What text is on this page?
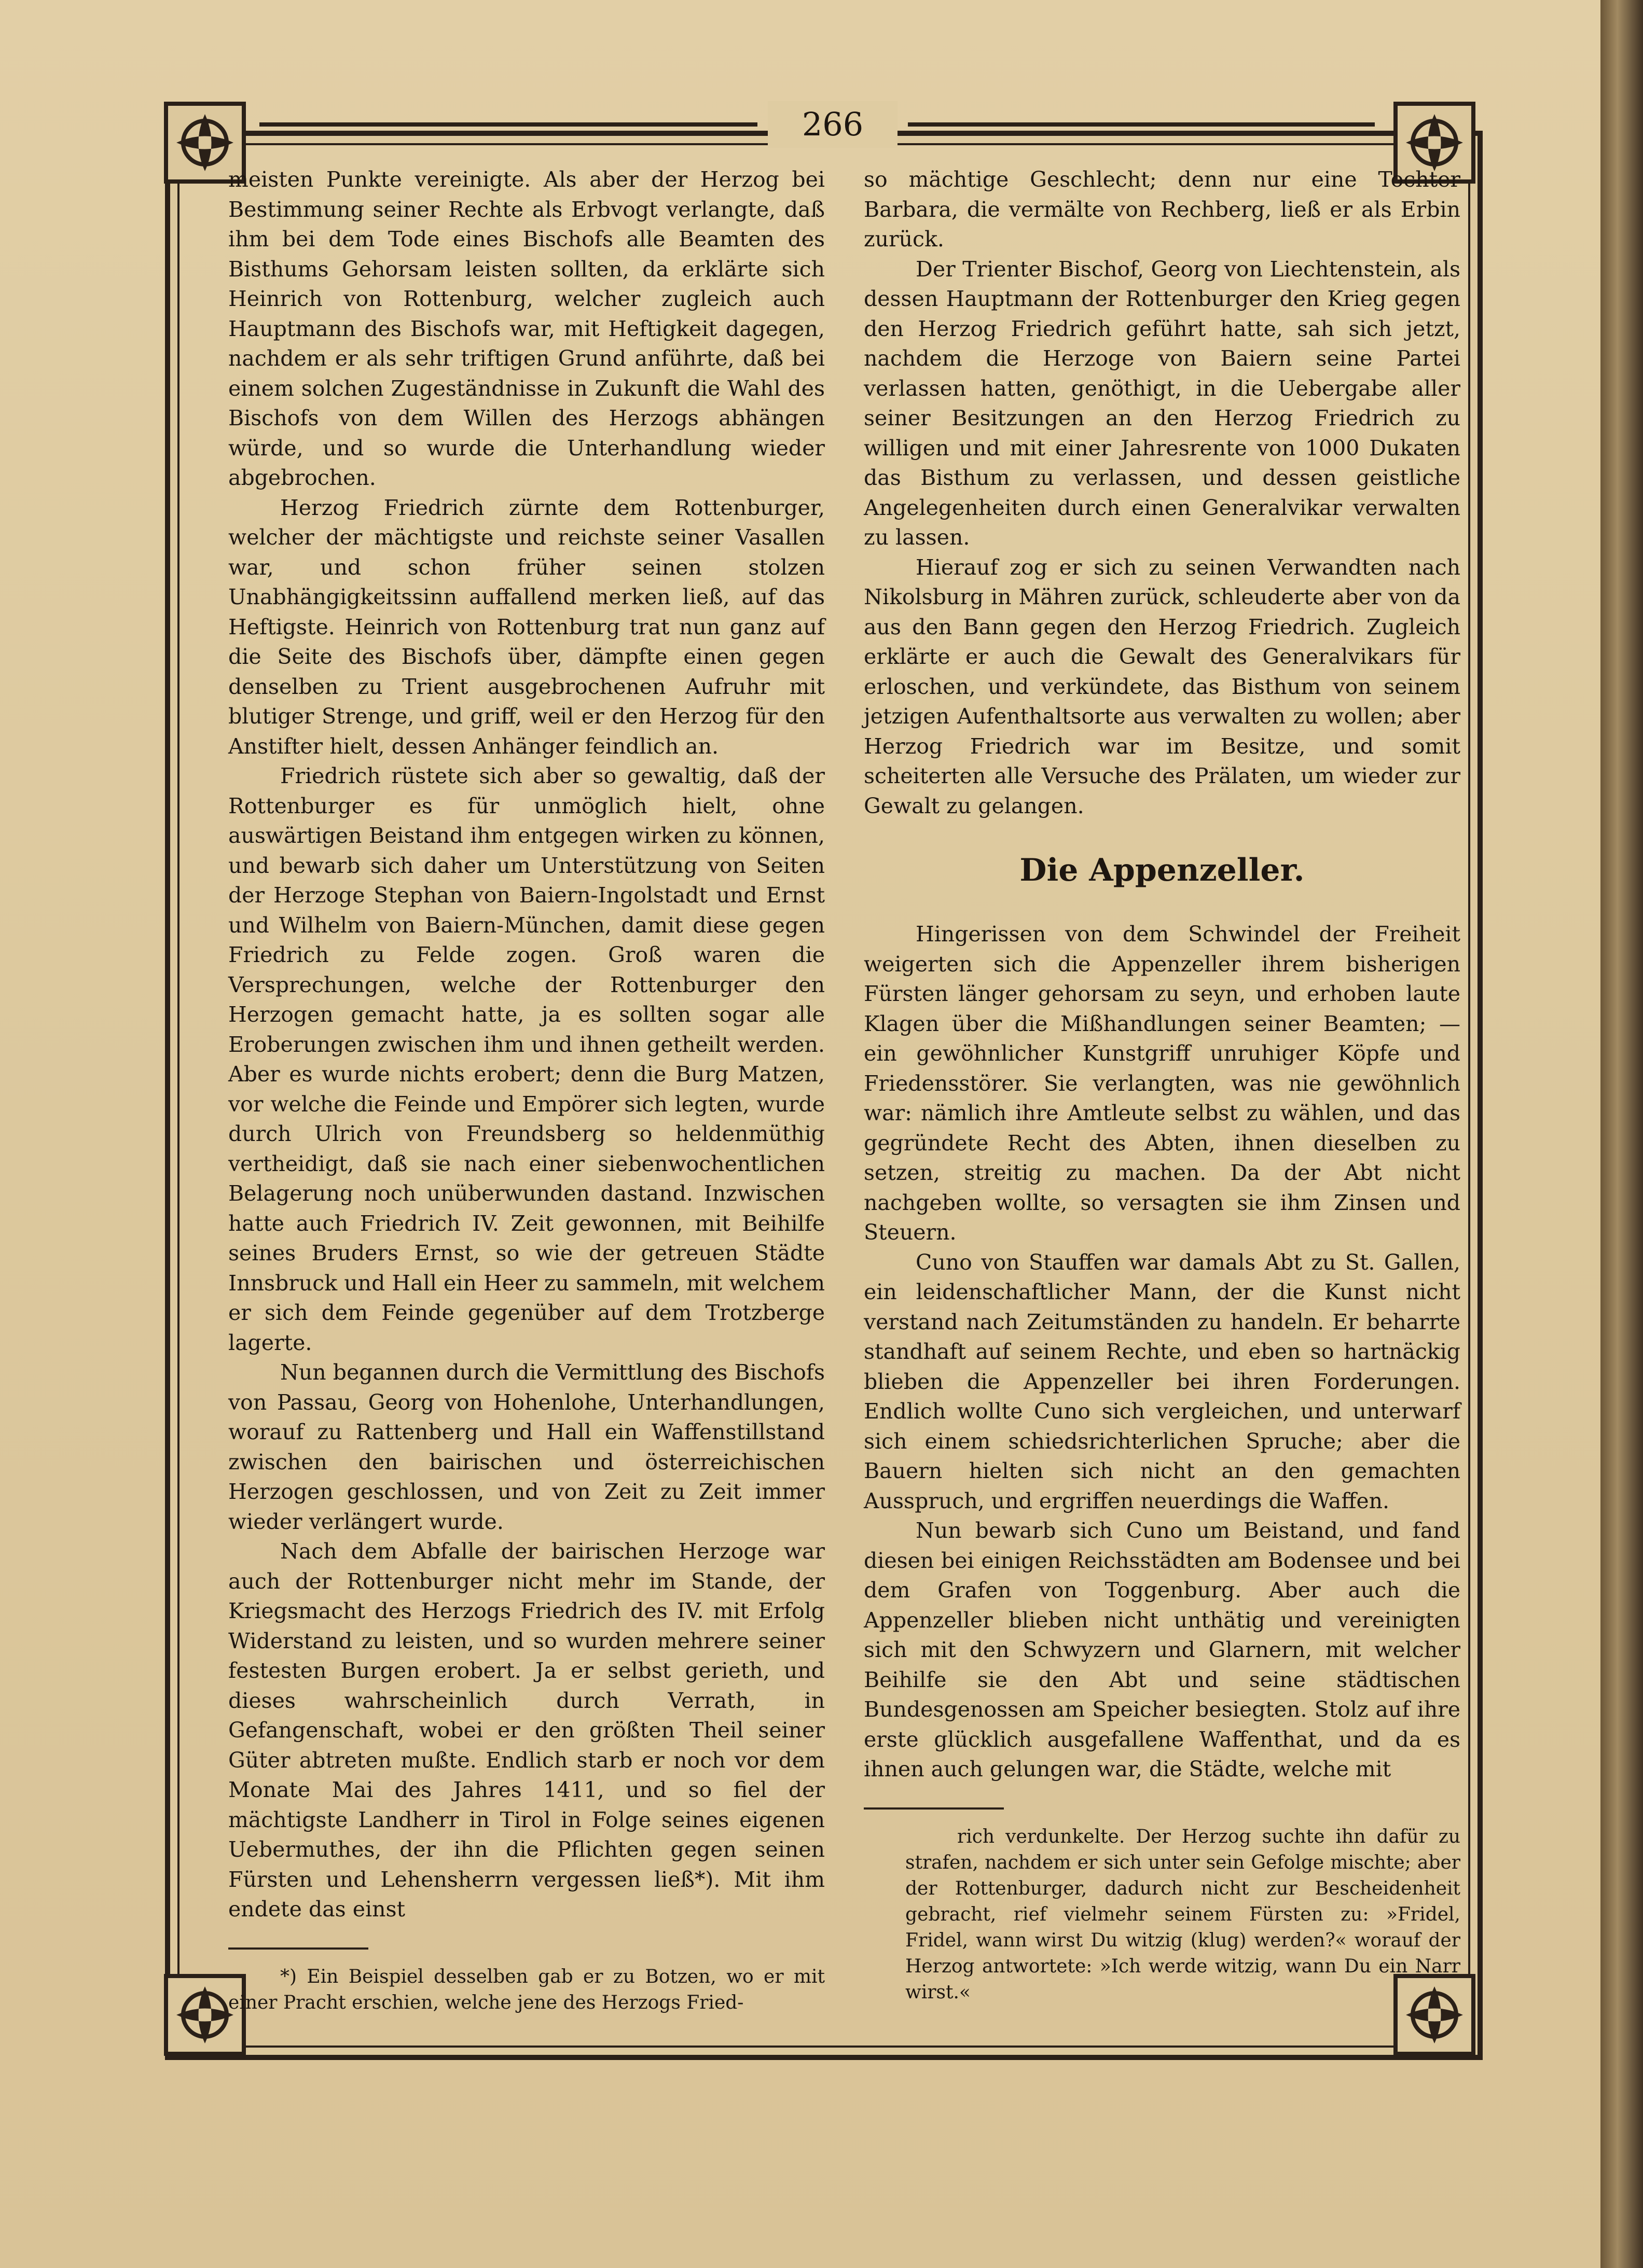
266

meisten Punkte vereinigte. Als aber der Herzog bei Bestimmung seiner Rechte als Erbvogt verlangte, daß ihm bei dem Tode eines Bischofs alle Beamten des Bisthums Gehorsam leisten sollten, da erklärte sich Heinrich von Rottenburg, welcher zugleich auch Hauptmann des Bischofs war, mit Heftigkeit dagegen, nachdem er als sehr triftigen Grund anführte, daß bei einem solchen Zugeständnisse in Zukunft die Wahl des Bischofs von dem Willen des Herzogs abhängen würde, und so wurde die Unterhandlung wieder abgebrochen.

Herzog Friedrich zürnte dem Rottenburger, welcher der mächtigste und reichste seiner Vasallen war, und schon früher seinen stolzen Unabhängigkeitssinn auffallend merken ließ, auf das Heftigste. Heinrich von Rottenburg trat nun ganz auf die Seite des Bischofs über, dämpfte einen gegen denselben zu Trient ausgebrochenen Aufruhr mit blutiger Strenge, und griff, weil er den Herzog für den Anstifter hielt, dessen Anhänger feindlich an.

Friedrich rüstete sich aber so gewaltig, daß der Rottenburger es für unmöglich hielt, ohne auswärtigen Beistand ihm entgegen wirken zu können, und bewarb sich daher um Unterstützung von Seiten der Herzoge Stephan von Baiern-Ingolstadt und Ernst und Wilhelm von Baiern-München, damit diese gegen Friedrich zu Felde zogen. Groß waren die Versprechungen, welche der Rottenburger den Herzogen gemacht hatte, ja es sollten sogar alle Eroberungen zwischen ihm und ihnen getheilt werden. Aber es wurde nichts erobert; denn die Burg Matzen, vor welche die Feinde und Empörer sich legten, wurde durch Ulrich von Freundsberg so heldenmüthig vertheidigt, daß sie nach einer siebenwochentlichen Belagerung noch unüberwunden dastand. Inzwischen hatte auch Friedrich IV. Zeit gewonnen, mit Beihilfe seines Bruders Ernst, so wie der getreuen Städte Innsbruck und Hall ein Heer zu sammeln, mit welchem er sich dem Feinde gegenüber auf dem Trotzberge lagerte.

Nun begannen durch die Vermittlung des Bischofs von Passau, Georg von Hohenlohe, Unterhandlungen, worauf zu Rattenberg und Hall ein Waffenstillstand zwischen den bairischen und österreichischen Herzogen geschlossen, und von Zeit zu Zeit immer wieder verlängert wurde.

Nach dem Abfalle der bairischen Herzoge war auch der Rottenburger nicht mehr im Stande, der Kriegsmacht des Herzogs Friedrich des IV. mit Erfolg Widerstand zu leisten, und so wurden mehrere seiner festesten Burgen erobert. Ja er selbst gerieth, und dieses wahrscheinlich durch Verrath, in Gefangenschaft, wobei er den größten Theil seiner Güter abtreten mußte. Endlich starb er noch vor dem Monate Mai des Jahres 1411, und so fiel der mächtigste Landherr in Tirol in Folge seines eigenen Uebermuthes, der ihn die Pflichten gegen seinen Fürsten und Lehensherrn vergessen ließ*). Mit ihm endete das einst

*) Ein Beispiel desselben gab er zu Botzen, wo er mit einer Pracht erschien, welche jene des Herzogs Fried-

so mächtige Geschlecht; denn nur eine Tochter Barbara, die vermälte von Rechberg, ließ er als Erbin zurück.

Der Trienter Bischof, Georg von Liechtenstein, als dessen Hauptmann der Rottenburger den Krieg gegen den Herzog Friedrich geführt hatte, sah sich jetzt, nachdem die Herzoge von Baiern seine Partei verlassen hatten, genöthigt, in die Uebergabe aller seiner Besitzungen an den Herzog Friedrich zu willigen und mit einer Jahresrente von 1000 Dukaten das Bisthum zu verlassen, und dessen geistliche Angelegenheiten durch einen Generalvikar verwalten zu lassen.

Hierauf zog er sich zu seinen Verwandten nach Nikolsburg in Mähren zurück, schleuderte aber von da aus den Bann gegen den Herzog Friedrich. Zugleich erklärte er auch die Gewalt des Generalvikars für erloschen, und verkündete, das Bisthum von seinem jetzigen Aufenthaltsorte aus verwalten zu wollen; aber Herzog Friedrich war im Besitze, und somit scheiterten alle Versuche des Prälaten, um wieder zur Gewalt zu gelangen.

Die Appenzeller.

Hingerissen von dem Schwindel der Freiheit weigerten sich die Appenzeller ihrem bisherigen Fürsten länger gehorsam zu seyn, und erhoben laute Klagen über die Mißhandlungen seiner Beamten; — ein gewöhnlicher Kunstgriff unruhiger Köpfe und Friedensstörer. Sie verlangten, was nie gewöhnlich war: nämlich ihre Amtleute selbst zu wählen, und das gegründete Recht des Abten, ihnen dieselben zu setzen, streitig zu machen. Da der Abt nicht nachgeben wollte, so versagten sie ihm Zinsen und Steuern.

Cuno von Stauffen war damals Abt zu St. Gallen, ein leidenschaftlicher Mann, der die Kunst nicht verstand nach Zeitumständen zu handeln. Er beharrte standhaft auf seinem Rechte, und eben so hartnäckig blieben die Appenzeller bei ihren Forderungen. Endlich wollte Cuno sich vergleichen, und unterwarf sich einem schiedsrichterlichen Spruche; aber die Bauern hielten sich nicht an den gemachten Ausspruch, und ergriffen neuerdings die Waffen.

Nun bewarb sich Cuno um Beistand, und fand diesen bei einigen Reichsstädten am Bodensee und bei dem Grafen von Toggenburg. Aber auch die Appenzeller blieben nicht unthätig und vereinigten sich mit den Schwyzern und Glarnern, mit welcher Beihilfe sie den Abt und seine städtischen Bundesgenossen am Speicher besiegten. Stolz auf ihre erste glücklich ausgefallene Waffenthat, und da es ihnen auch gelungen war, die Städte, welche mit

rich verdunkelte. Der Herzog suchte ihn dafür zu strafen, nachdem er sich unter sein Gefolge mischte; aber der Rottenburger, dadurch nicht zur Bescheidenheit gebracht, rief vielmehr seinem Fürsten zu: »Fridel, Fridel, wann wirst Du witzig (klug) werden?« worauf der Herzog antwortete: »Ich werde witzig, wann Du ein Narr wirst.«
